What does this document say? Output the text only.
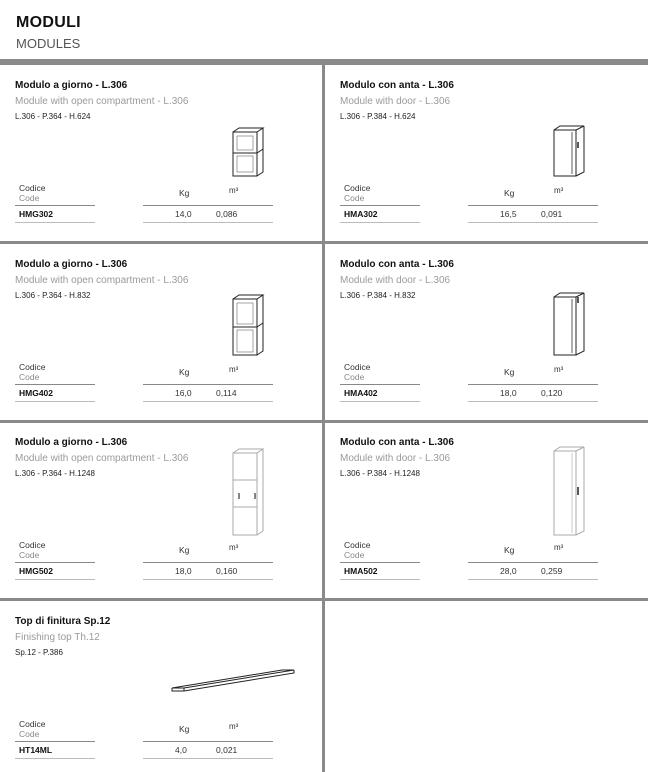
MODULI
MODULES
Modulo a giorno - L.306
Module with open compartment - L.306
L.306 - P.364 - H.624
Codice
Code	Kg	m³
HMG302	14,0	0,086
Modulo con anta - L.306
Module with door - L.306
L.306 - P.384 - H.624
Codice
Code	Kg	m³
HMA302	16,5	0,091
Modulo a giorno - L.306
Module with open compartment - L.306
L.306 - P.364 - H.832
Codice
Code	Kg	m³
HMG402	16,0	0,114
Modulo con anta - L.306
Module with door - L.306
L.306 - P.384 - H.832
Codice
Code	Kg	m³
HMA402	18,0	0,120
Modulo a giorno - L.306
Module with open compartment - L.306
L.306 - P.364 - H.1248
Codice
Code	Kg	m³
HMG502	18,0	0,160
Modulo con anta - L.306
Module with door - L.306
L.306 - P.384 - H.1248
Codice
Code	Kg	m³
HMA502	28,0	0,259
Top di finitura Sp.12
Finishing top Th.12
Sp.12 - P.386
Codice
Code	Kg	m³
HT14ML	4,0	0,021
